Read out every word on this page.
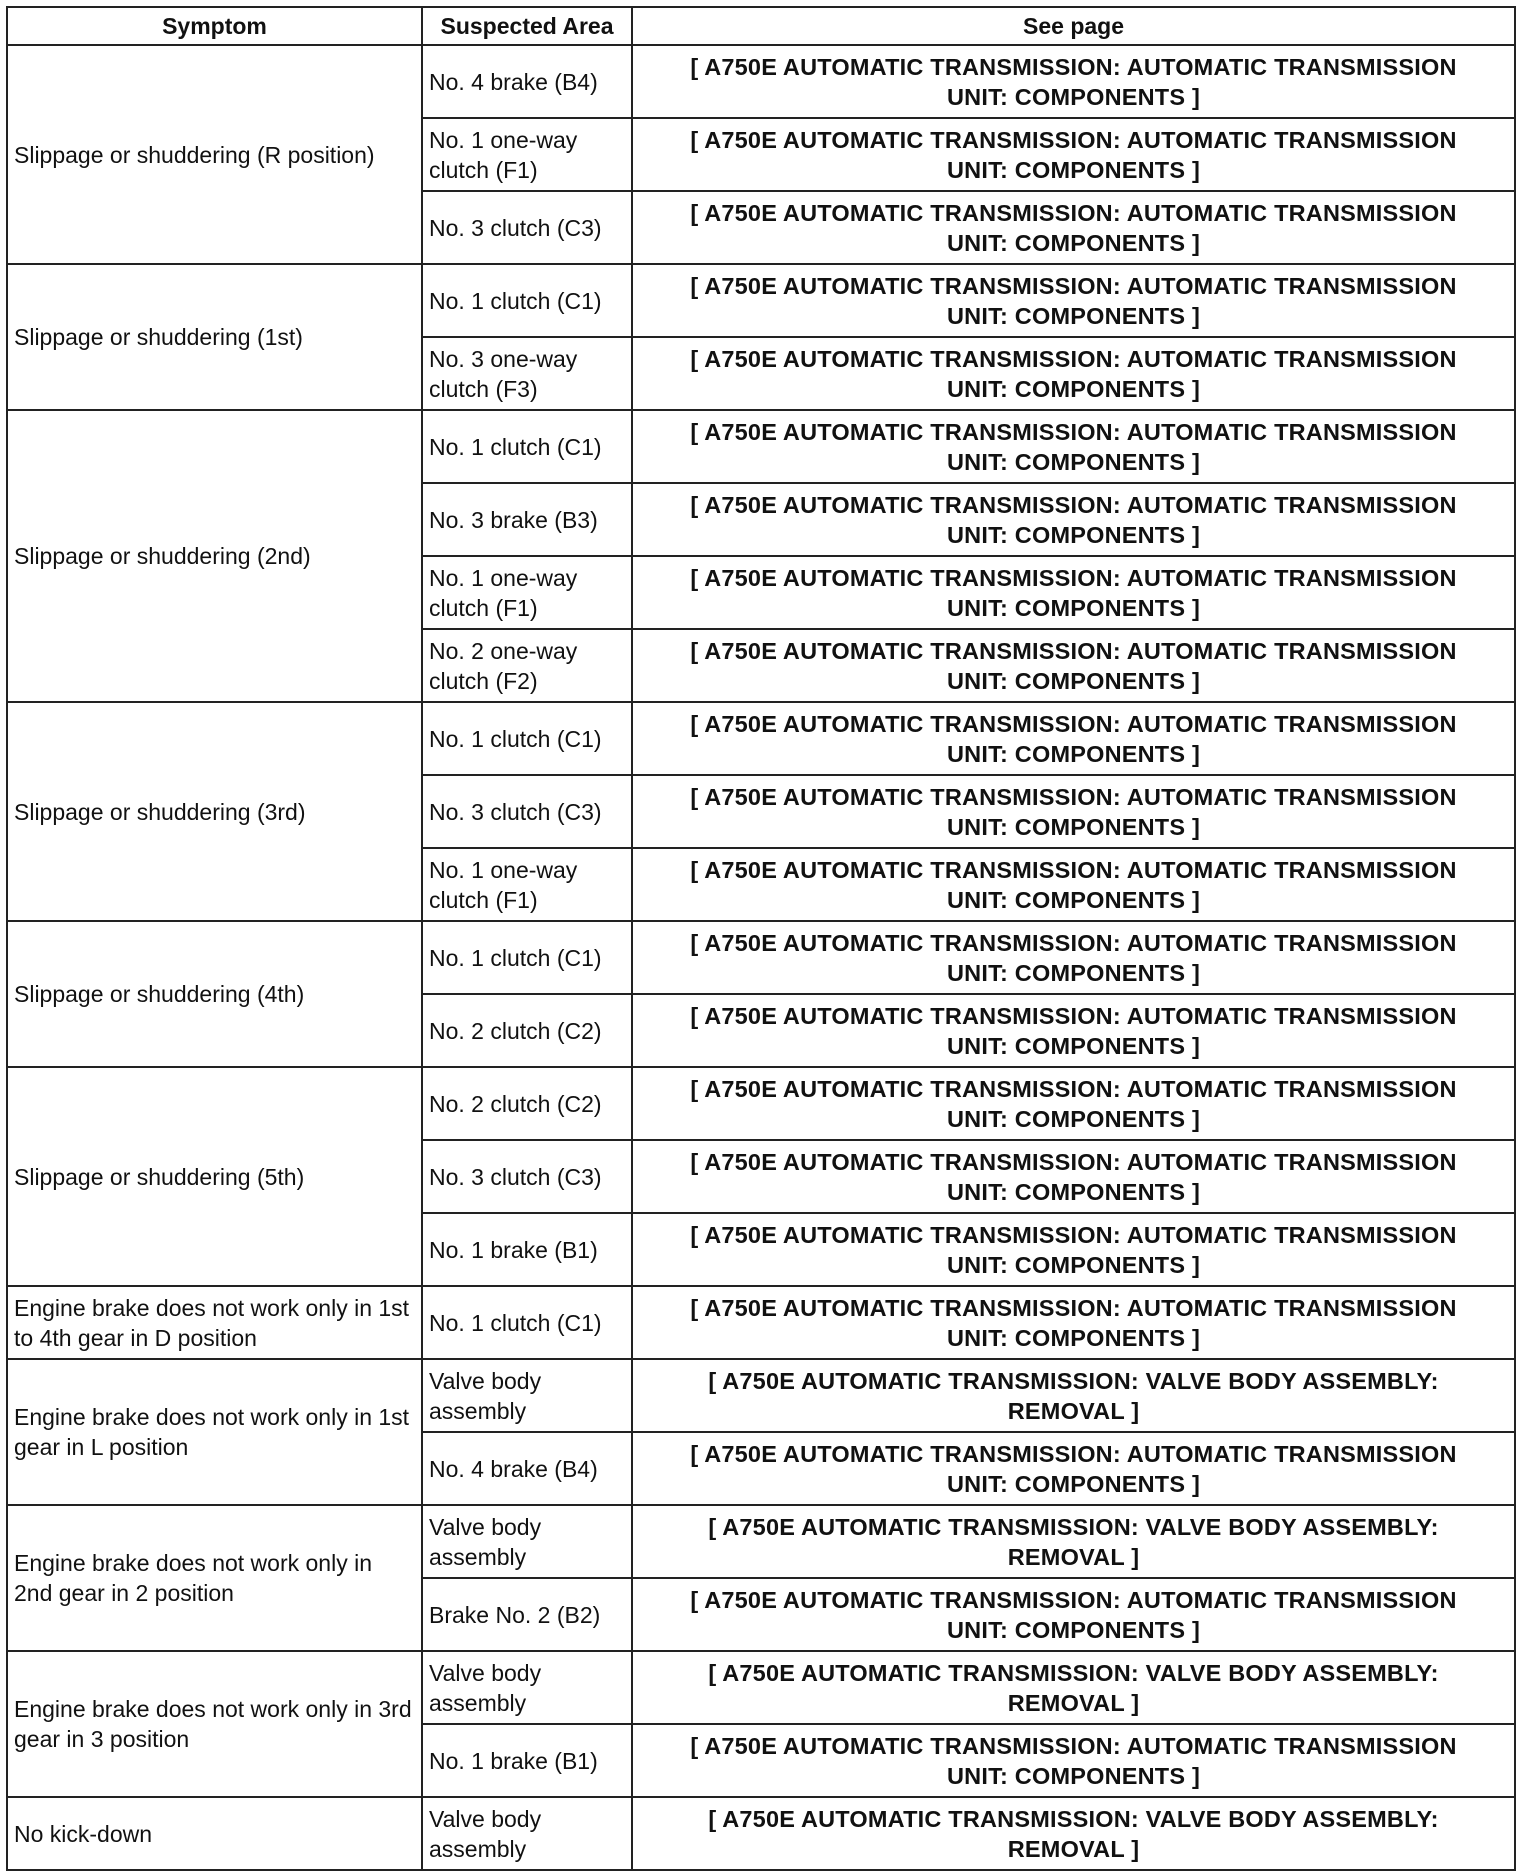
Symptom	Suspected Area	See page
Slippage or shuddering (R position)	No. 4 brake (B4)	[ A750E AUTOMATIC TRANSMISSION: AUTOMATIC TRANSMISSION UNIT: COMPONENTS ]
	No. 1 one-way clutch (F1)	[ A750E AUTOMATIC TRANSMISSION: AUTOMATIC TRANSMISSION UNIT: COMPONENTS ]
	No. 3 clutch (C3)	[ A750E AUTOMATIC TRANSMISSION: AUTOMATIC TRANSMISSION UNIT: COMPONENTS ]
Slippage or shuddering (1st)	No. 1 clutch (C1)	[ A750E AUTOMATIC TRANSMISSION: AUTOMATIC TRANSMISSION UNIT: COMPONENTS ]
	No. 3 one-way clutch (F3)	[ A750E AUTOMATIC TRANSMISSION: AUTOMATIC TRANSMISSION UNIT: COMPONENTS ]
Slippage or shuddering (2nd)	No. 1 clutch (C1)	[ A750E AUTOMATIC TRANSMISSION: AUTOMATIC TRANSMISSION UNIT: COMPONENTS ]
	No. 3 brake (B3)	[ A750E AUTOMATIC TRANSMISSION: AUTOMATIC TRANSMISSION UNIT: COMPONENTS ]
	No. 1 one-way clutch (F1)	[ A750E AUTOMATIC TRANSMISSION: AUTOMATIC TRANSMISSION UNIT: COMPONENTS ]
	No. 2 one-way clutch (F2)	[ A750E AUTOMATIC TRANSMISSION: AUTOMATIC TRANSMISSION UNIT: COMPONENTS ]
Slippage or shuddering (3rd)	No. 1 clutch (C1)	[ A750E AUTOMATIC TRANSMISSION: AUTOMATIC TRANSMISSION UNIT: COMPONENTS ]
	No. 3 clutch (C3)	[ A750E AUTOMATIC TRANSMISSION: AUTOMATIC TRANSMISSION UNIT: COMPONENTS ]
	No. 1 one-way clutch (F1)	[ A750E AUTOMATIC TRANSMISSION: AUTOMATIC TRANSMISSION UNIT: COMPONENTS ]
Slippage or shuddering (4th)	No. 1 clutch (C1)	[ A750E AUTOMATIC TRANSMISSION: AUTOMATIC TRANSMISSION UNIT: COMPONENTS ]
	No. 2 clutch (C2)	[ A750E AUTOMATIC TRANSMISSION: AUTOMATIC TRANSMISSION UNIT: COMPONENTS ]
Slippage or shuddering (5th)	No. 2 clutch (C2)	[ A750E AUTOMATIC TRANSMISSION: AUTOMATIC TRANSMISSION UNIT: COMPONENTS ]
	No. 3 clutch (C3)	[ A750E AUTOMATIC TRANSMISSION: AUTOMATIC TRANSMISSION UNIT: COMPONENTS ]
	No. 1 brake (B1)	[ A750E AUTOMATIC TRANSMISSION: AUTOMATIC TRANSMISSION UNIT: COMPONENTS ]
Engine brake does not work only in 1st to 4th gear in D position	No. 1 clutch (C1)	[ A750E AUTOMATIC TRANSMISSION: AUTOMATIC TRANSMISSION UNIT: COMPONENTS ]
Engine brake does not work only in 1st gear in L position	Valve body assembly	[ A750E AUTOMATIC TRANSMISSION: VALVE BODY ASSEMBLY: REMOVAL ]
	No. 4 brake (B4)	[ A750E AUTOMATIC TRANSMISSION: AUTOMATIC TRANSMISSION UNIT: COMPONENTS ]
Engine brake does not work only in 2nd gear in 2 position	Valve body assembly	[ A750E AUTOMATIC TRANSMISSION: VALVE BODY ASSEMBLY: REMOVAL ]
	Brake No. 2 (B2)	[ A750E AUTOMATIC TRANSMISSION: AUTOMATIC TRANSMISSION UNIT: COMPONENTS ]
Engine brake does not work only in 3rd gear in 3 position	Valve body assembly	[ A750E AUTOMATIC TRANSMISSION: VALVE BODY ASSEMBLY: REMOVAL ]
	No. 1 brake (B1)	[ A750E AUTOMATIC TRANSMISSION: AUTOMATIC TRANSMISSION UNIT: COMPONENTS ]
No kick-down	Valve body assembly	[ A750E AUTOMATIC TRANSMISSION: VALVE BODY ASSEMBLY: REMOVAL ]
